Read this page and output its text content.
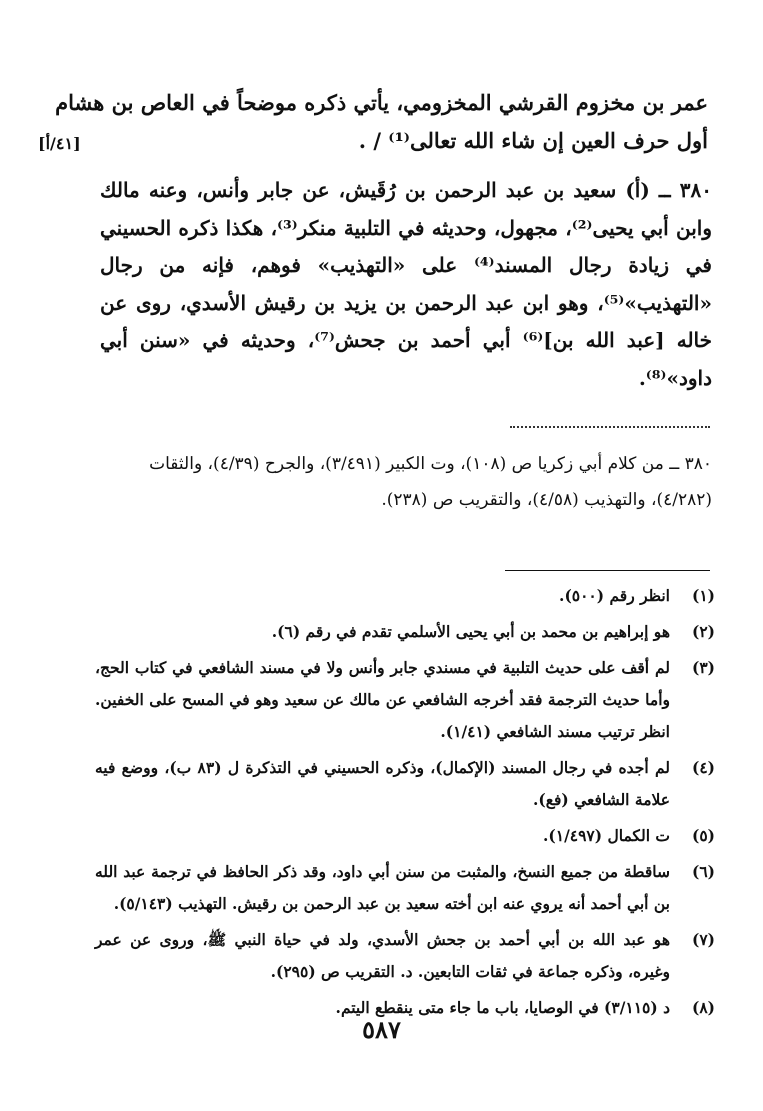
عمر بن مخزوم القرشي المخزومي، يأتي ذكره موضحاً في العاص بن هشام
أول حرف العين إن شاء الله تعالى⁽¹⁾ / .
[٤١/أ]

٣٨٠ ــ (أ) سعيد بن عبد الرحمن بن رُقَيش، عن جابر وأنس، وعنه مالك وابن أبي يحيى⁽²⁾، مجهول، وحديثه في التلبية منكر⁽³⁾، هكذا ذكره الحسيني في زيادة رجال المسند⁽⁴⁾ على «التهذيب» فوهم، فإنه من رجال «التهذيب»⁽⁵⁾، وهو ابن عبد الرحمن بن يزيد بن رقيش الأسدي، روى عن خاله [عبد الله بن]⁽⁶⁾ أبي أحمد بن جحش⁽⁷⁾، وحديثه في «سنن أبي داود»⁽⁸⁾.

٣٨٠ ــ من كلام أبي زكريا ص (١٠٨)، وت الكبير (٣/٤٩١)، والجرح (٤/٣٩)، والثقات (٤/٢٨٢)، والتهذيب (٤/٥٨)، والتقريب ص (٢٣٨).

(١)
انظر رقم (٥٠٠).
(٢)
هو إبراهيم بن محمد بن أبي يحيى الأسلمي تقدم في رقم (٦).
(٣)
لم أقف على حديث التلبية في مسندي جابر وأنس ولا في مسند الشافعي في كتاب الحج، وأما حديث الترجمة فقد أخرجه الشافعي عن مالك عن سعيد وهو في المسح على الخفين. انظر ترتيب مسند الشافعي (١/٤١).
(٤)
لم أجده في رجال المسند (الإكمال)، وذكره الحسيني في التذكرة ل (٨٣ ب)، ووضع فيه علامة الشافعي (فع).
(٥)
ت الكمال (١/٤٩٧).
(٦)
ساقطة من جميع النسخ، والمثبت من سنن أبي داود، وقد ذكر الحافظ في ترجمة عبد الله بن أبي أحمد أنه يروي عنه ابن أخته سعيد بن عبد الرحمن بن رقيش. التهذيب (٥/١٤٣).
(٧)
هو عبد الله بن أبي أحمد بن جحش الأسدي، ولد في حياة النبي ﷺ، وروى عن عمر وغيره، وذكره جماعة في ثقات التابعين. د. التقريب ص (٢٩٥).
(٨)
د (٣/١١٥) في الوصايا، باب ما جاء متى ينقطع اليتم.
٥٨٧
